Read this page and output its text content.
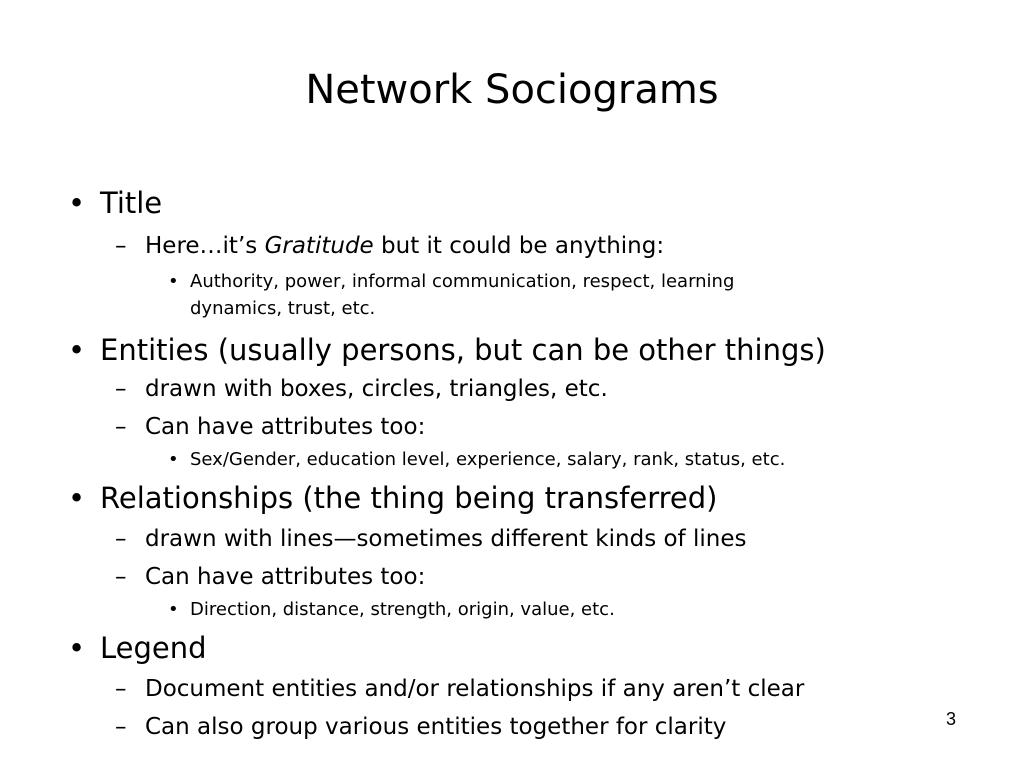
Network Sociograms
• Title
– Here…it’s Gratitude but it could be anything:
• Authority, power, informal communication, respect, learning
dynamics, trust, etc.
• Entities (usually persons, but can be other things)
– drawn with boxes, circles, triangles, etc.
– Can have attributes too:
• Sex/Gender, education level, experience, salary, rank, status, etc.
• Relationships (the thing being transferred)
– drawn with lines—sometimes different kinds of lines
– Can have attributes too:
• Direction, distance, strength, origin, value, etc.
• Legend
– Document entities and/or relationships if any aren’t clear
– Can also group various entities together for clarity	3
